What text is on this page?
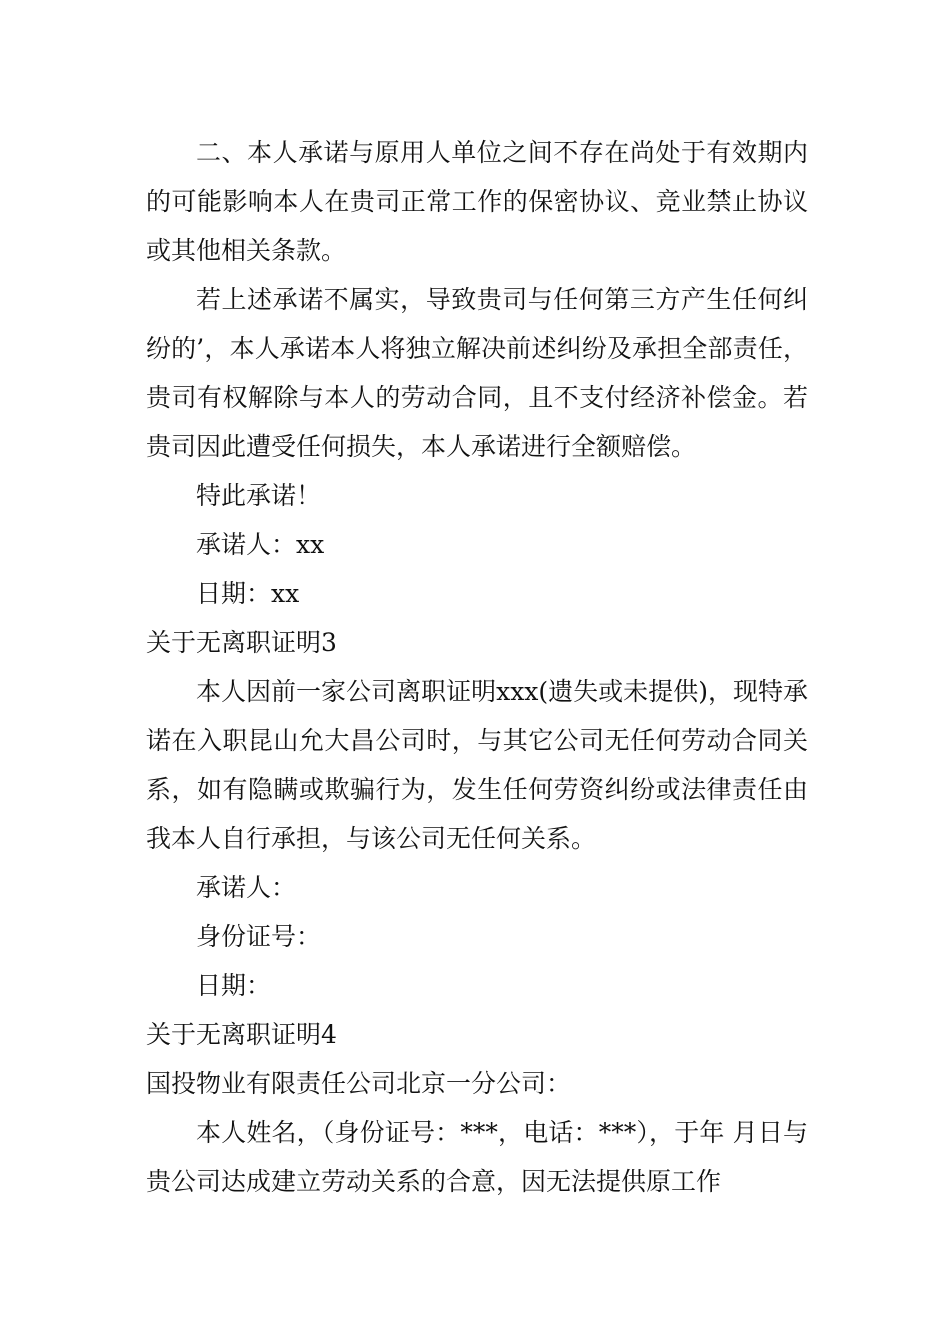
二、本人承诺与原用人单位之间不存在尚处于有效期内的可能影响本人在贵司正常工作的保密协议、竞业禁止协议或其他相关条款。

若上述承诺不属实，导致贵司与任何第三方产生任何纠纷的’，本人承诺本人将独立解决前述纠纷及承担全部责任，贵司有权解除与本人的劳动合同，且不支付经济补偿金。若贵司因此遭受任何损失，本人承诺进行全额赔偿。

特此承诺！

承诺人：xx

日期：xx

关于无离职证明3

本人因前一家公司离职证明xxx(遗失或未提供)，现特承诺在入职昆山允大昌公司时，与其它公司无任何劳动合同关系，如有隐瞒或欺骗行为，发生任何劳资纠纷或法律责任由我本人自行承担，与该公司无任何关系。

承诺人：

身份证号：

日期：

关于无离职证明4

国投物业有限责任公司北京一分公司：

本人姓名，（身份证号：***，电话：***），于年 月日与贵公司达成建立劳动关系的合意，因无法提供原工作
